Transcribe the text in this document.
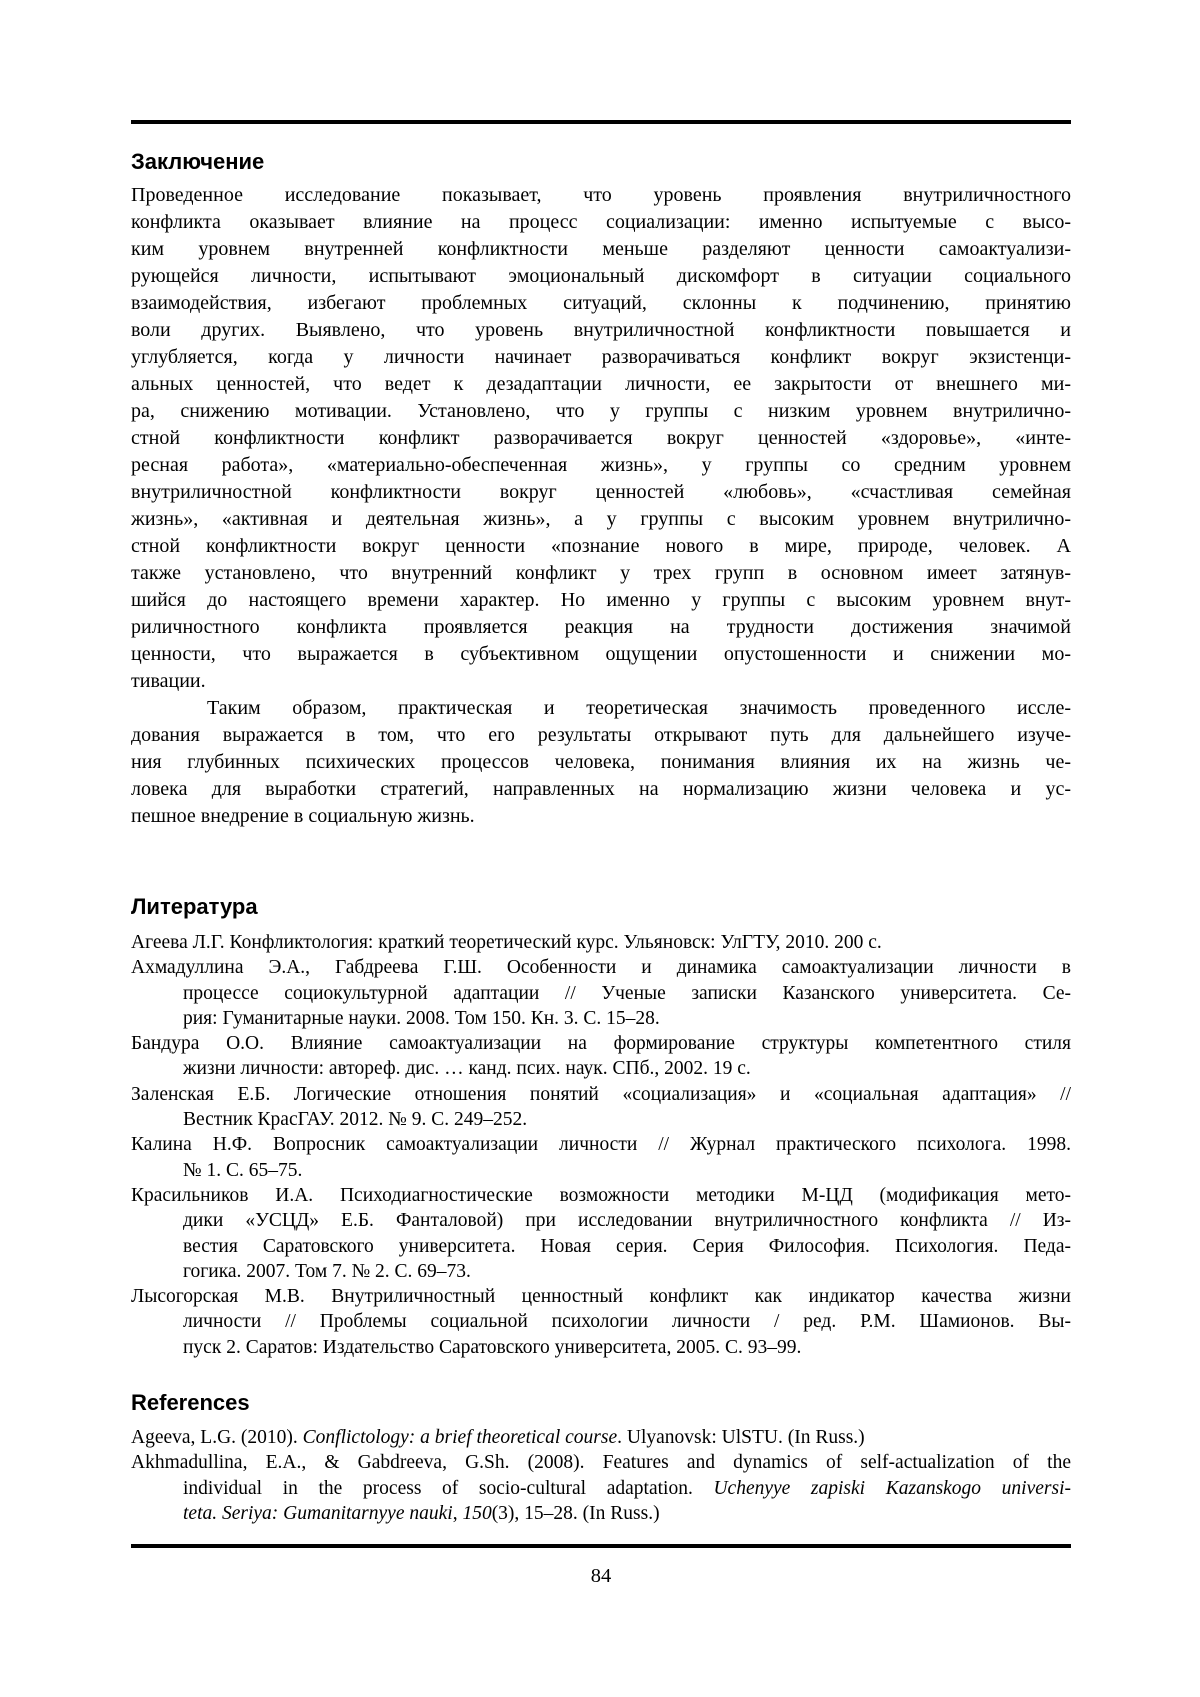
Заключение
Проведенное исследование показывает, что уровень проявления внутриличностного
конфликта оказывает влияние на процесс социализации: именно испытуемые с высо-
ким уровнем внутренней конфликтности меньше разделяют ценности самоактуализи-
рующейся личности, испытывают эмоциональный дискомфорт в ситуации социального
взаимодействия, избегают проблемных ситуаций, склонны к подчинению, принятию
воли других. Выявлено, что уровень внутриличностной конфликтности повышается и
углубляется, когда у личности начинает разворачиваться конфликт вокруг экзистенци-
альных ценностей, что ведет к дезадаптации личности, ее закрытости от внешнего ми-
ра, снижению мотивации. Установлено, что у группы с низким уровнем внутрилично-
стной конфликтности конфликт разворачивается вокруг ценностей «здоровье», «инте-
ресная работа», «материально-обеспеченная жизнь», у группы со средним уровнем
внутриличностной конфликтности вокруг ценностей «любовь», «счастливая семейная
жизнь», «активная и деятельная жизнь», а у группы с высоким уровнем внутрилично-
стной конфликтности вокруг ценности «познание нового в мире, природе, человек. А
также установлено, что внутренний конфликт у трех групп в основном имеет затянув-
шийся до настоящего времени характер. Но именно у группы с высоким уровнем внут-
риличностного конфликта проявляется реакция на трудности достижения значимой
ценности, что выражается в субъективном ощущении опустошенности и снижении мо-
тивации.
Таким образом, практическая и теоретическая значимость проведенного иссле-
дования выражается в том, что его результаты открывают путь для дальнейшего изуче-
ния глубинных психических процессов человека, понимания влияния их на жизнь че-
ловека для выработки стратегий, направленных на нормализацию жизни человека и ус-
пешное внедрение в социальную жизнь.
Литература
Агеева Л.Г. Конфликтология: краткий теоретический курс. Ульяновск: УлГТУ, 2010. 200 с.
Ахмадуллина Э.А., Габдреева Г.Ш. Особенности и динамика самоактуализации личности в
процессе социокультурной адаптации // Ученые записки Казанского университета. Се-
рия: Гуманитарные науки. 2008. Том 150. Кн. 3. С. 15–28.
Бандура О.О. Влияние самоактуализации на формирование структуры компетентного стиля
жизни личности: автореф. дис. … канд. псих. наук. СПб., 2002. 19 с.
Заленская Е.Б. Логические отношения понятий «социализация» и «социальная адаптация» //
Вестник КрасГАУ. 2012. № 9. С. 249–252.
Калина Н.Ф. Вопросник самоактуализации личности // Журнал практического психолога. 1998.
№ 1. С. 65–75.
Красильников И.А. Психодиагностические возможности методики М-ЦД (модификация мето-
дики «УСЦД» Е.Б. Фанталовой) при исследовании внутриличностного конфликта // Из-
вестия Саратовского университета. Новая серия. Серия Философия. Психология. Педа-
гогика. 2007. Том 7. № 2. С. 69–73.
Лысогорская М.В. Внутриличностный ценностный конфликт как индикатор качества жизни
личности // Проблемы социальной психологии личности / ред. Р.М. Шамионов. Вы-
пуск 2. Саратов: Издательство Саратовского университета, 2005. С. 93–99.
References
Ageeva, L.G. (2010). Conflictology: a brief theoretical course. Ulyanovsk: UlSTU. (In Russ.)
Akhmadullina, E.A., & Gabdreeva, G.Sh. (2008). Features and dynamics of self-actualization of the
individual in the process of socio-cultural adaptation. Uchenyye zapiski Kazanskogo universi-
teta. Seriya: Gumanitarnyye nauki, 150(3), 15–28. (In Russ.)
84
